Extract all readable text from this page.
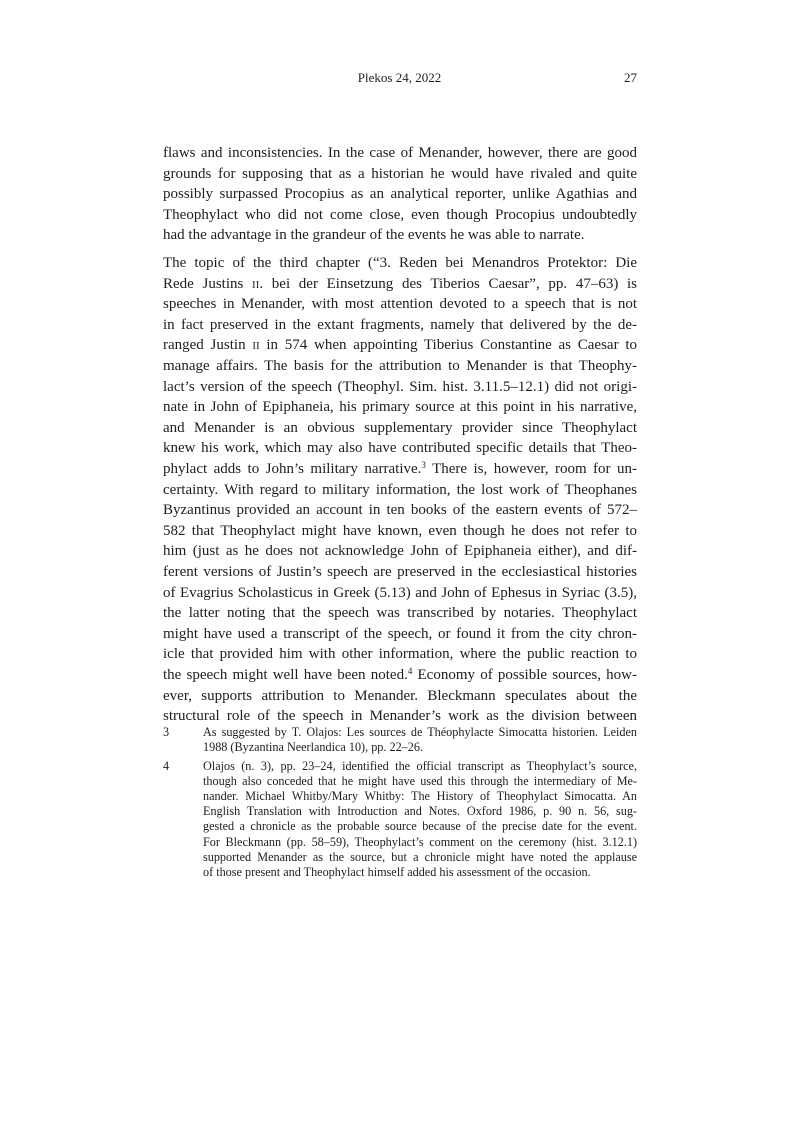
Plekos 24, 2022	27
flaws and inconsistencies. In the case of Menander, however, there are good
grounds for supposing that as a historian he would have rivaled and quite
possibly surpassed Procopius as an analytical reporter, unlike Agathias and
Theophylact who did not come close, even though Procopius undoubtedly
had the advantage in the grandeur of the events he was able to narrate.
The topic of the third chapter (“3. Reden bei Menandros Protektor: Die
Rede Justins ii. bei der Einsetzung des Tiberios Caesar”, pp. 47–63) is
speeches in Menander, with most attention devoted to a speech that is not
in fact preserved in the extant fragments, namely that delivered by the de-
ranged Justin ii in 574 when appointing Tiberius Constantine as Caesar to
manage affairs. The basis for the attribution to Menander is that Theophy-
lact’s version of the speech (Theophyl. Sim. hist. 3.11.5–12.1) did not origi-
nate in John of Epiphaneia, his primary source at this point in his narrative,
and Menander is an obvious supplementary provider since Theophylact
knew his work, which may also have contributed specific details that Theo-
phylact adds to John’s military narrative.$^3$ There is, however, room for un-
certainty. With regard to military information, the lost work of Theophanes
Byzantinus provided an account in ten books of the eastern events of 572–
582 that Theophylact might have known, even though he does not refer to
him (just as he does not acknowledge John of Epiphaneia either), and dif-
ferent versions of Justin’s speech are preserved in the ecclesiastical histories
of Evagrius Scholasticus in Greek (5.13) and John of Ephesus in Syriac (3.5),
the latter noting that the speech was transcribed by notaries. Theophylact
might have used a transcript of the speech, or found it from the city chron-
icle that provided him with other information, where the public reaction to
the speech might well have been noted.$^4$ Economy of possible sources, how-
ever, supports attribution to Menander. Bleckmann speculates about the
structural role of the speech in Menander’s work as the division between
3	As suggested by T. Olajos: Les sources de Théophylacte Simocatta historien. Leiden
1988 (Byzantina Neerlandica 10), pp. 22–26.
4	Olajos (n. 3), pp. 23–24, identified the official transcript as Theophylact’s source,
though also conceded that he might have used this through the intermediary of Me-
nander. Michael Whitby/Mary Whitby: The History of Theophylact Simocatta. An
English Translation with Introduction and Notes. Oxford 1986, p. 90 n. 56, sug-
gested a chronicle as the probable source because of the precise date for the event.
For Bleckmann (pp. 58–59), Theophylact’s comment on the ceremony (hist. 3.12.1)
supported Menander as the source, but a chronicle might have noted the applause
of those present and Theophylact himself added his assessment of the occasion.
